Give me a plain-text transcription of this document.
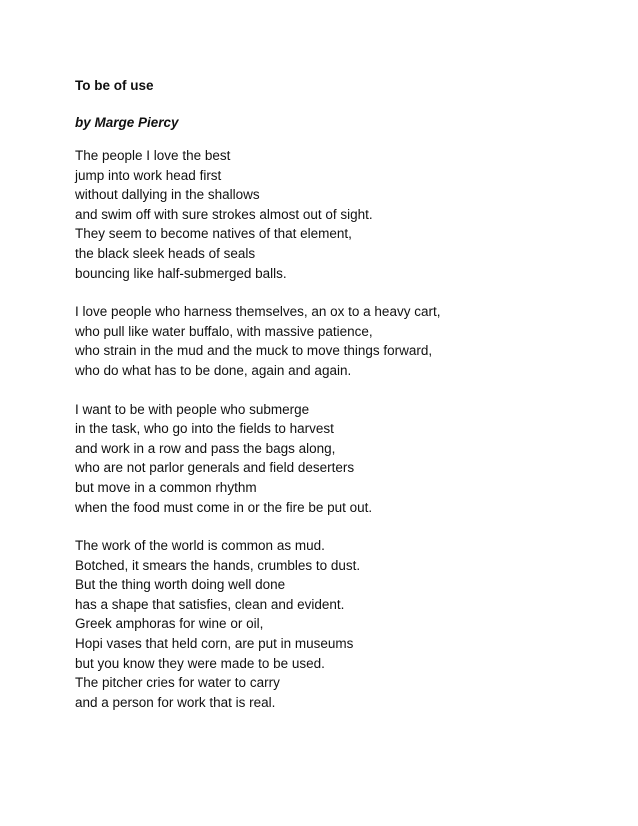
To be of use
by Marge Piercy
The people I love the best
jump into work head first
without dallying in the shallows
and swim off with sure strokes almost out of sight.
They seem to become natives of that element,
the black sleek heads of seals
bouncing like half-submerged balls.
I love people who harness themselves, an ox to a heavy cart,
who pull like water buffalo, with massive patience,
who strain in the mud and the muck to move things forward,
who do what has to be done, again and again.
I want to be with people who submerge
in the task, who go into the fields to harvest
and work in a row and pass the bags along,
who are not parlor generals and field deserters
but move in a common rhythm
when the food must come in or the fire be put out.
The work of the world is common as mud.
Botched, it smears the hands, crumbles to dust.
But the thing worth doing well done
has a shape that satisfies, clean and evident.
Greek amphoras for wine or oil,
Hopi vases that held corn, are put in museums
but you know they were made to be used.
The pitcher cries for water to carry
and a person for work that is real.
